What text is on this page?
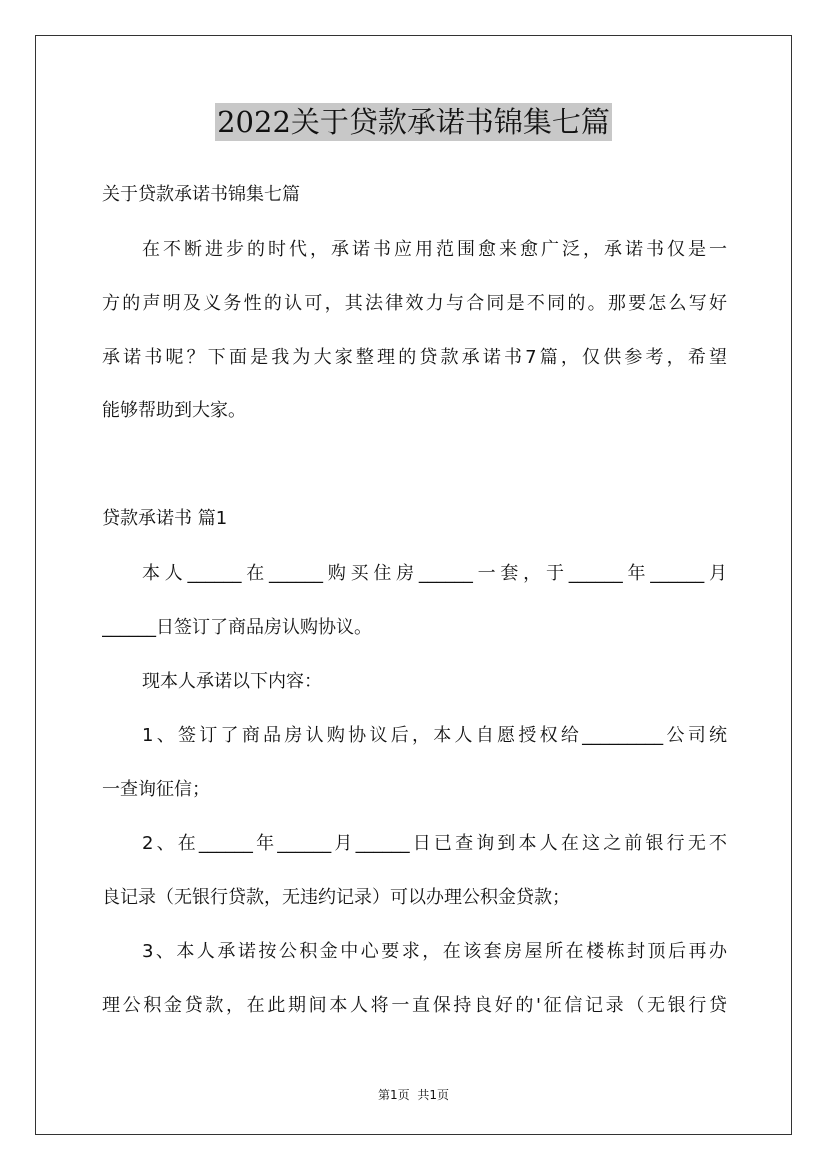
2022关于贷款承诺书锦集七篇
关于贷款承诺书锦集七篇
在不断进步的时代，承诺书应用范围愈来愈广泛，承诺书仅是一
方的声明及义务性的认可，其法律效力与合同是不同的。那要怎么写好
承诺书呢？下面是我为大家整理的贷款承诺书7篇，仅供参考，希望
能够帮助到大家。
贷款承诺书 篇1
本人______在______购买住房______一套，于______年______月
______日签订了商品房认购协议。
现本人承诺以下内容：
1、签订了商品房认购协议后，本人自愿授权给_________公司统
一查询征信；
2、在______年______月______日已查询到本人在这之前银行无不
良记录（无银行贷款，无违约记录）可以办理公积金贷款；
3、本人承诺按公积金中心要求，在该套房屋所在楼栋封顶后再办
理公积金贷款，在此期间本人将一直保持良好的'征信记录（无银行贷
第1页 共1页
